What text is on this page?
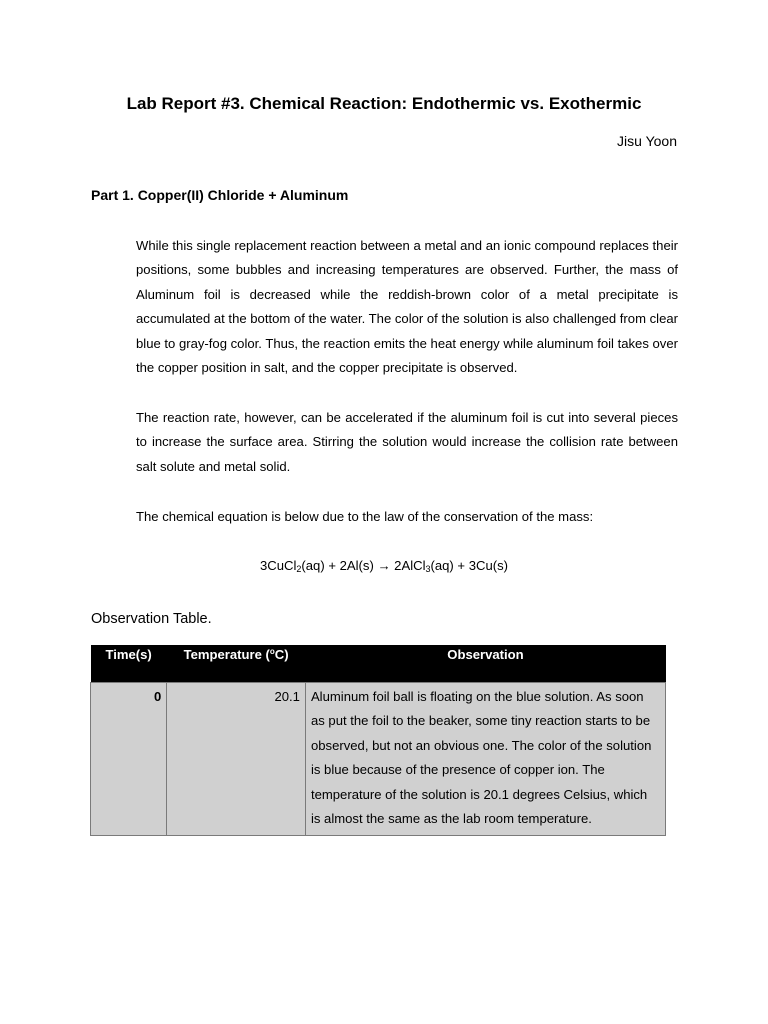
Lab Report #3. Chemical Reaction: Endothermic vs. Exothermic
Jisu Yoon
Part 1. Copper(II) Chloride + Aluminum

While this single replacement reaction between a metal and an ionic compound replaces their positions, some bubbles and increasing temperatures are observed. Further, the mass of Aluminum foil is decreased while the reddish-brown color of a metal precipitate is accumulated at the bottom of the water. The color of the solution is also challenged from clear blue to gray-fog color. Thus, the reaction emits the heat energy while aluminum foil takes over the copper position in salt, and the copper precipitate is observed.

The reaction rate, however, can be accelerated if the aluminum foil is cut into several pieces to increase the surface area. Stirring the solution would increase the collision rate between salt solute and metal solid.

The chemical equation is below due to the law of the conservation of the mass:

3CuCl$_2$(aq) + 2Al(s) → 2AlCl$_3$(aq) + 3Cu(s)
Observation Table.
Time(s)	Temperature ($^o$C)	Observation
0	20.1	Aluminum foil ball is floating on the blue solution. As soon as put the foil to the beaker, some tiny reaction starts to be observed, but not an obvious one. The color of the solution is blue because of the presence of copper ion. The temperature of the solution is 20.1 degrees Celsius, which is almost the same as the lab room temperature.
